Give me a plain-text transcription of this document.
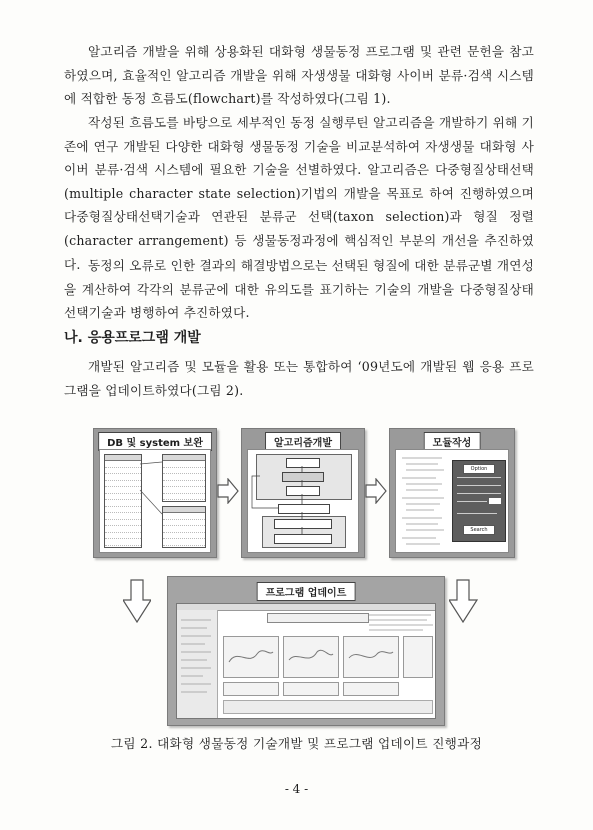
알고리즘 개발을 위해 상용화된 대화형 생물동정 프로그램 및 관련 문헌을 참고하였으며, 효율적인 알고리즘 개발을 위해 자생생물 대화형 사이버 분류·검색 시스템에 적합한 동정 흐름도(flowchart)를 작성하였다(그림 1).

작성된 흐름도를 바탕으로 세부적인 동정 실행루틴 알고리즘을 개발하기 위해 기존에 연구 개발된 다양한 대화형 생물동정 기술을 비교분석하여 자생생물 대화형 사이버 분류·검색 시스템에 필요한 기술을 선별하였다. 알고리즘은 다중형질상태선택(multiple character state selection)기법의 개발을 목표로 하여 진행하였으며 다중형질상태선택기술과 연관된 분류군 선택(taxon selection)과 형질 정렬(character arrangement) 등 생물동정과정에 핵심적인 부분의 개선을 추진하였다. 동정의 오류로 인한 결과의 해결방법으로는 선택된 형질에 대한 분류군별 개연성을 계산하여 각각의 분류군에 대한 유의도를 표기하는 기술의 개발을 다중형질상태선택기술과 병행하여 추진하였다.

나. 응용프로그램 개발

개발된 알고리즘 및 모듈을 활용 또는 통합하여 ‘09년도에 개발된 웹 응용 프로그램을 업데이트하였다(그림 2).

DB 및 system 보완	알고리즘개발	모듈작성
Option
Search
프로그램 업데이트

그림 2. 대화형 생물동정 기술개발 및 프로그램 업데이트 진행과정

- 4 -
